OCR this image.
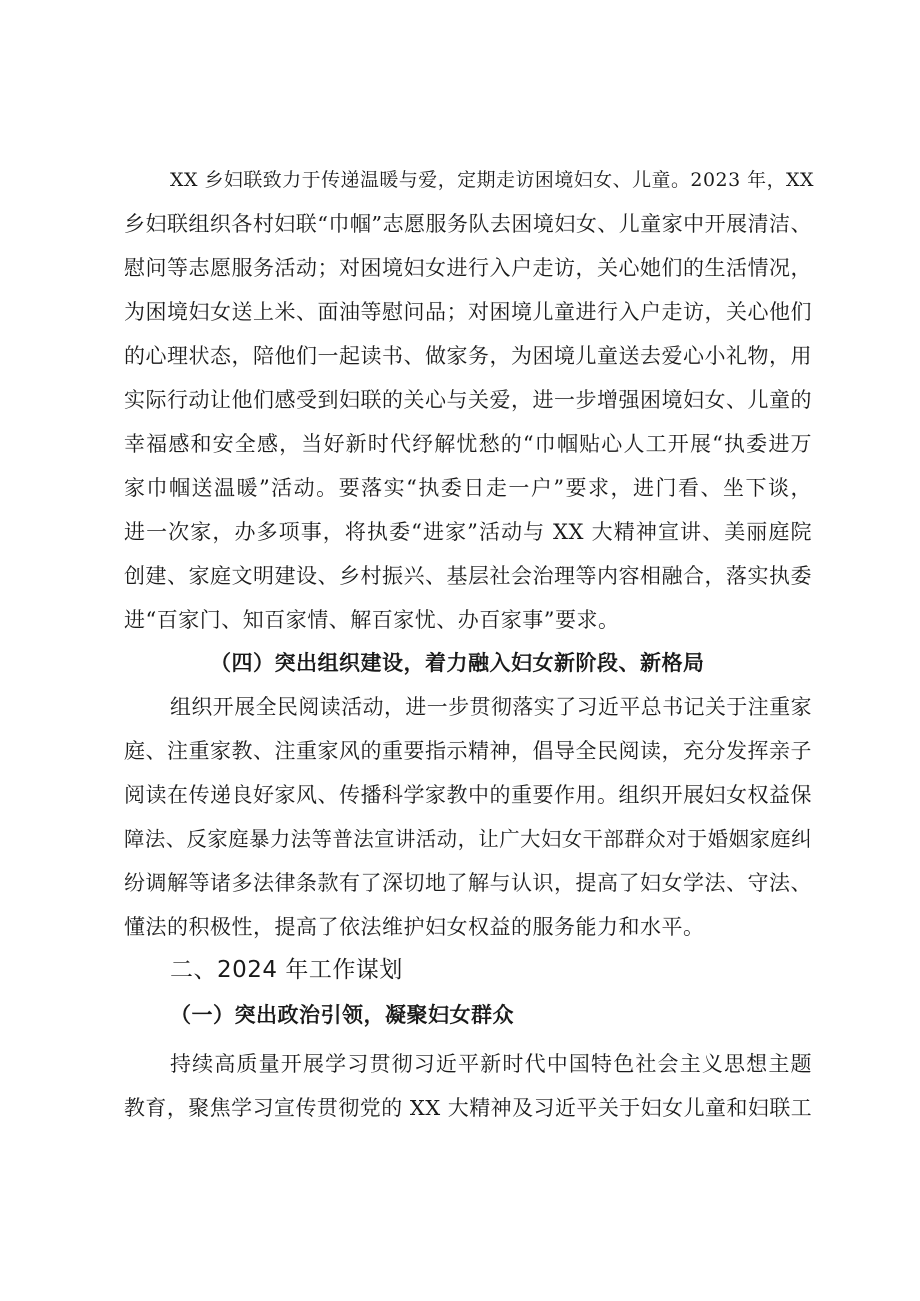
XX 乡妇联致力于传递温暖与爱，定期走访困境妇女、儿童。2023 年，XX
乡妇联组织各村妇联“巾帼”志愿服务队去困境妇女、儿童家中开展清洁、
慰问等志愿服务活动；对困境妇女进行入户走访，关心她们的生活情况，
为困境妇女送上米、面油等慰问品；对困境儿童进行入户走访，关心他们
的心理状态，陪他们一起读书、做家务，为困境儿童送去爱心小礼物，用
实际行动让他们感受到妇联的关心与关爱，进一步增强困境妇女、儿童的
幸福感和安全感，当好新时代纾解忧愁的“巾帼贴心人工开展“执委进万
家巾帼送温暖”活动。要落实“执委日走一户”要求，进门看、坐下谈，
进一次家，办多项事，将执委“进家”活动与 XX 大精神宣讲、美丽庭院
创建、家庭文明建设、乡村振兴、基层社会治理等内容相融合，落实执委
进“百家门、知百家情、解百家忧、办百家事”要求。
（四）突出组织建设，着力融入妇女新阶段、新格局
组织开展全民阅读活动，进一步贯彻落实了习近平总书记关于注重家
庭、注重家教、注重家风的重要指示精神，倡导全民阅读，充分发挥亲子
阅读在传递良好家风、传播科学家教中的重要作用。组织开展妇女权益保
障法、反家庭暴力法等普法宣讲活动，让广大妇女干部群众对于婚姻家庭纠
纷调解等诸多法律条款有了深切地了解与认识，提高了妇女学法、守法、
懂法的积极性，提高了依法维护妇女权益的服务能力和水平。
二、2024 年工作谋划
（一）突出政治引领，凝聚妇女群众
持续高质量开展学习贯彻习近平新时代中国特色社会主义思想主题
教育，聚焦学习宣传贯彻党的 XX 大精神及习近平关于妇女儿童和妇联工
